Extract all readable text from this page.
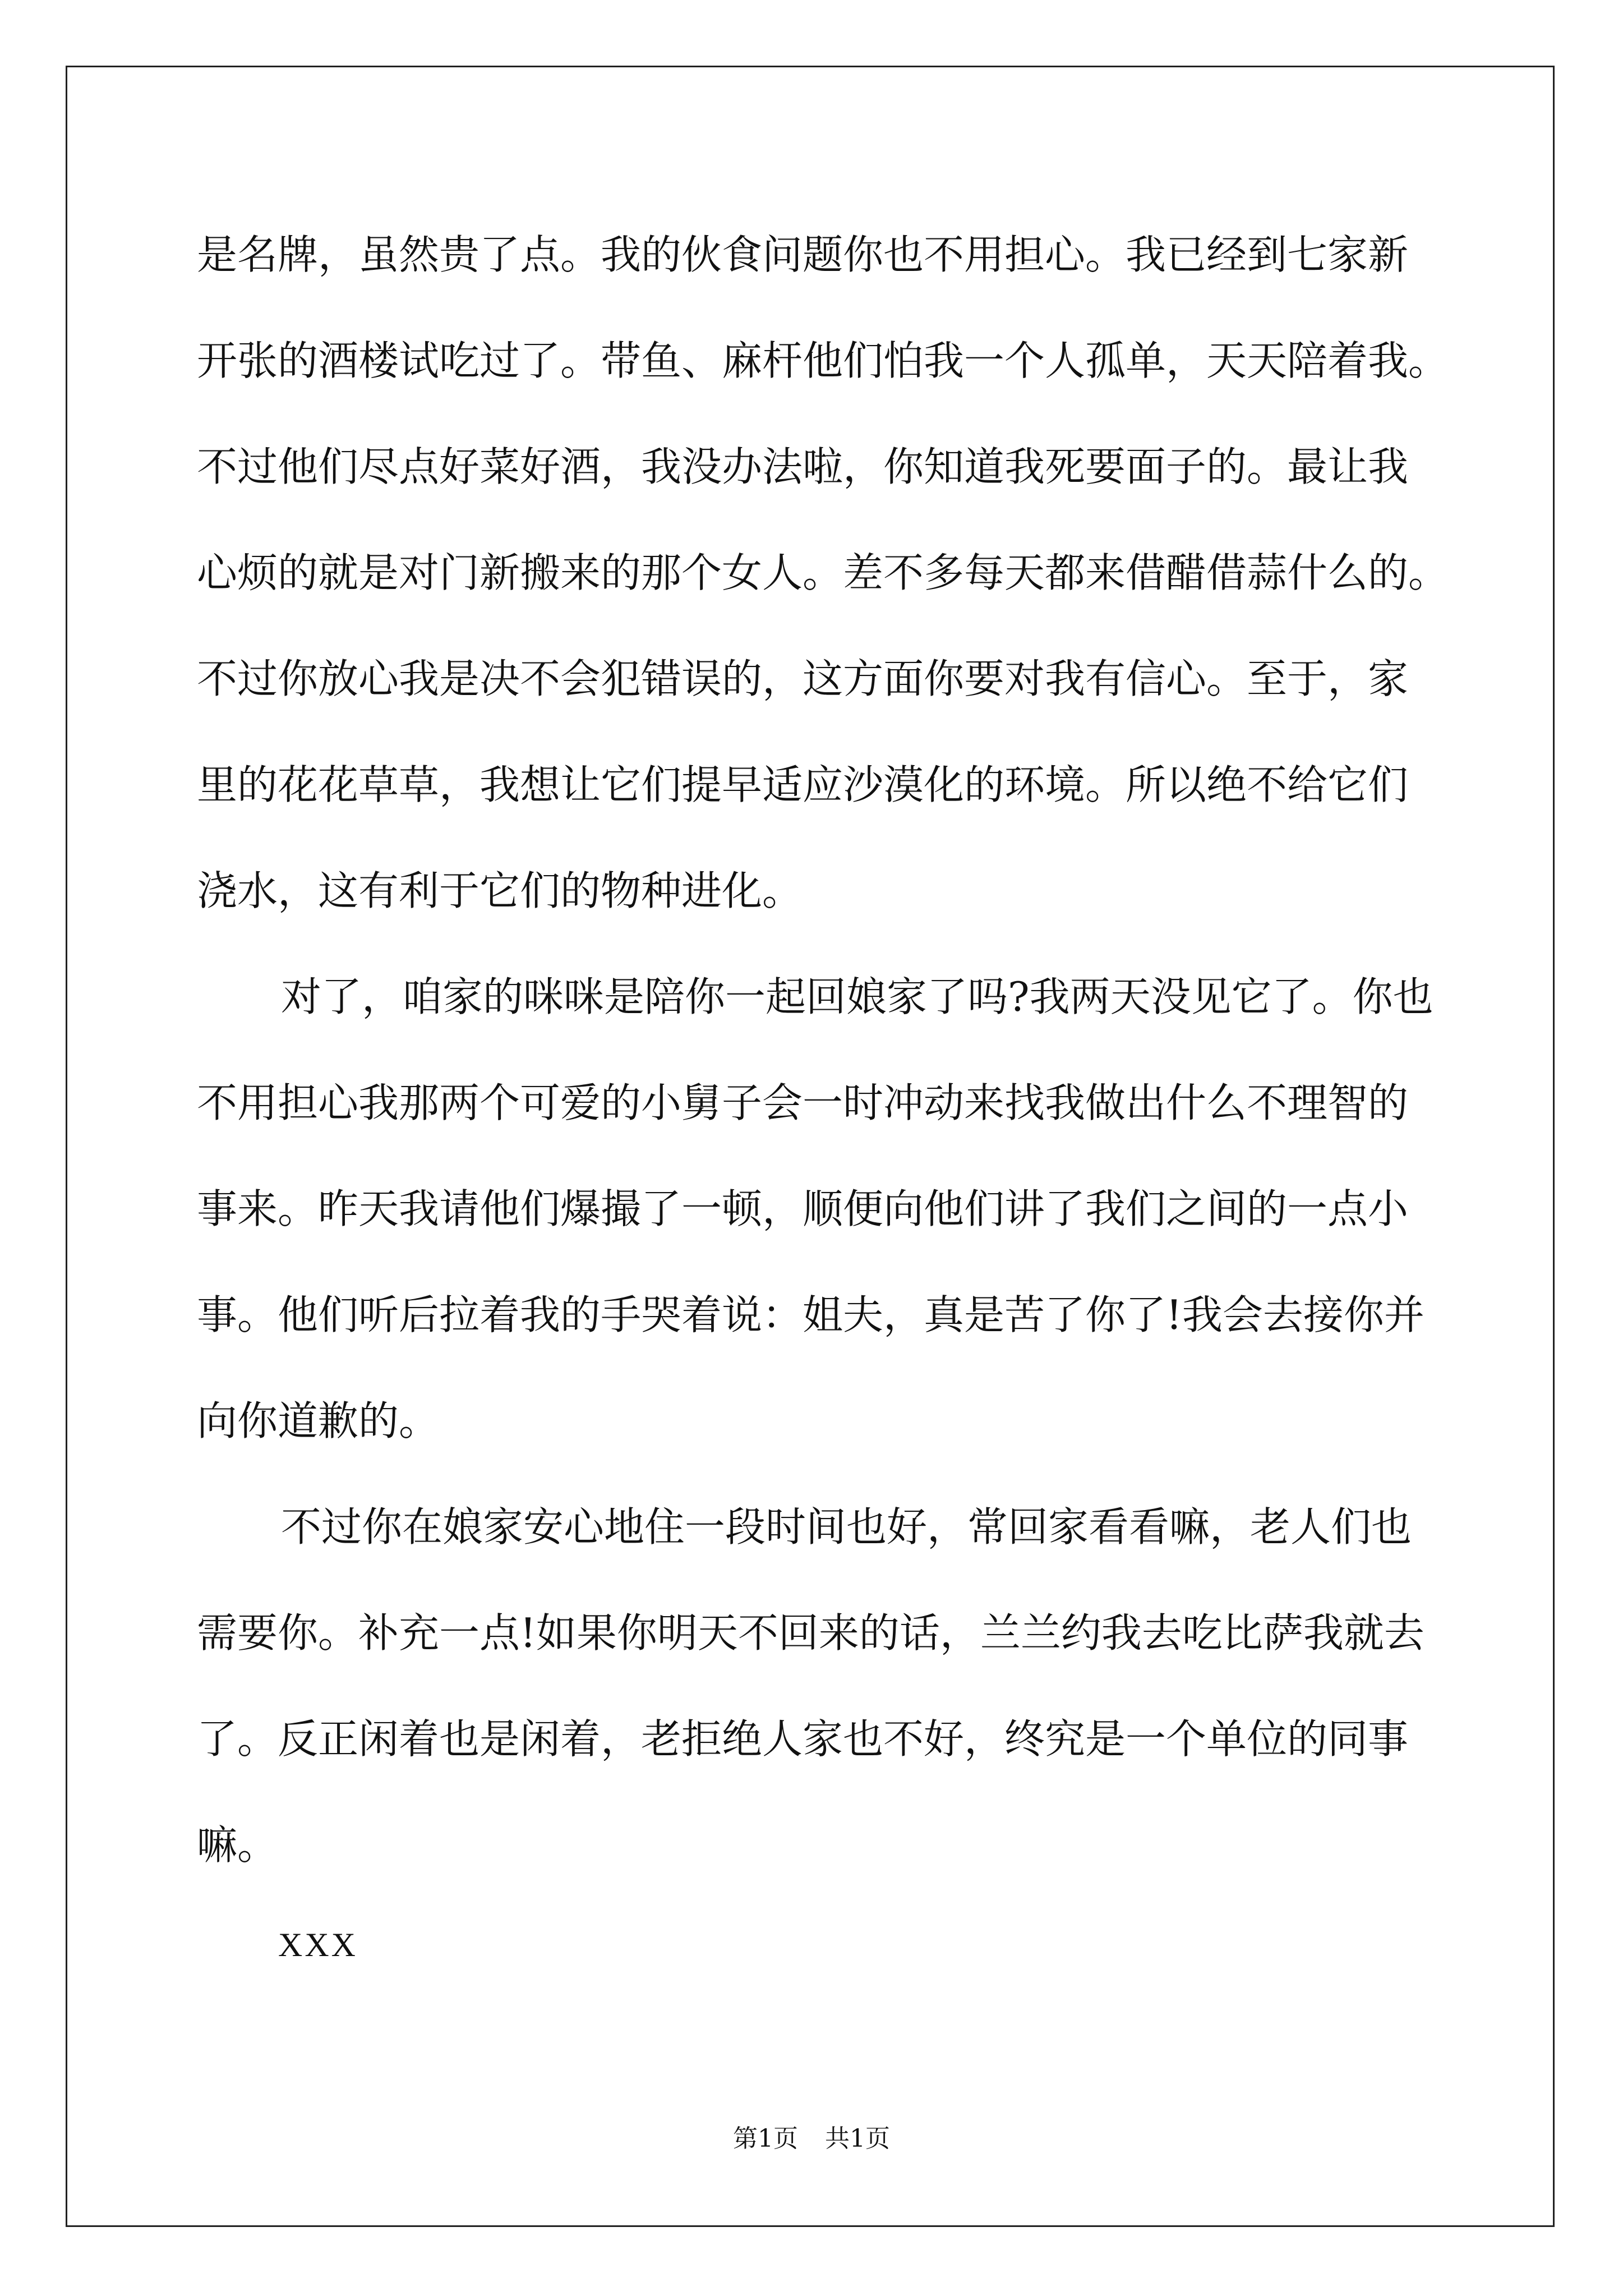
是名牌，虽然贵了点。我的伙食问题你也不用担心。我已经到七家新
开张的酒楼试吃过了。带鱼、麻杆他们怕我一个人孤单，天天陪着我。
不过他们尽点好菜好酒，我没办法啦，你知道我死要面子的。最让我
心烦的就是对门新搬来的那个女人。差不多每天都来借醋借蒜什么的。
不过你放心我是决不会犯错误的，这方面你要对我有信心。至于，家
里的花花草草，我想让它们提早适应沙漠化的环境。所以绝不给它们
浇水，这有利于它们的物种进化。
对了，咱家的咪咪是陪你一起回娘家了吗?我两天没见它了。你也
不用担心我那两个可爱的小舅子会一时冲动来找我做出什么不理智的
事来。昨天我请他们爆撮了一顿，顺便向他们讲了我们之间的一点小
事。他们听后拉着我的手哭着说：姐夫，真是苦了你了!我会去接你并
向你道歉的。
不过你在娘家安心地住一段时间也好，常回家看看嘛，老人们也
需要你。补充一点!如果你明天不回来的话，兰兰约我去吃比萨我就去
了。反正闲着也是闲着，老拒绝人家也不好，终究是一个单位的同事
嘛。
XXX
第1页 共1页
